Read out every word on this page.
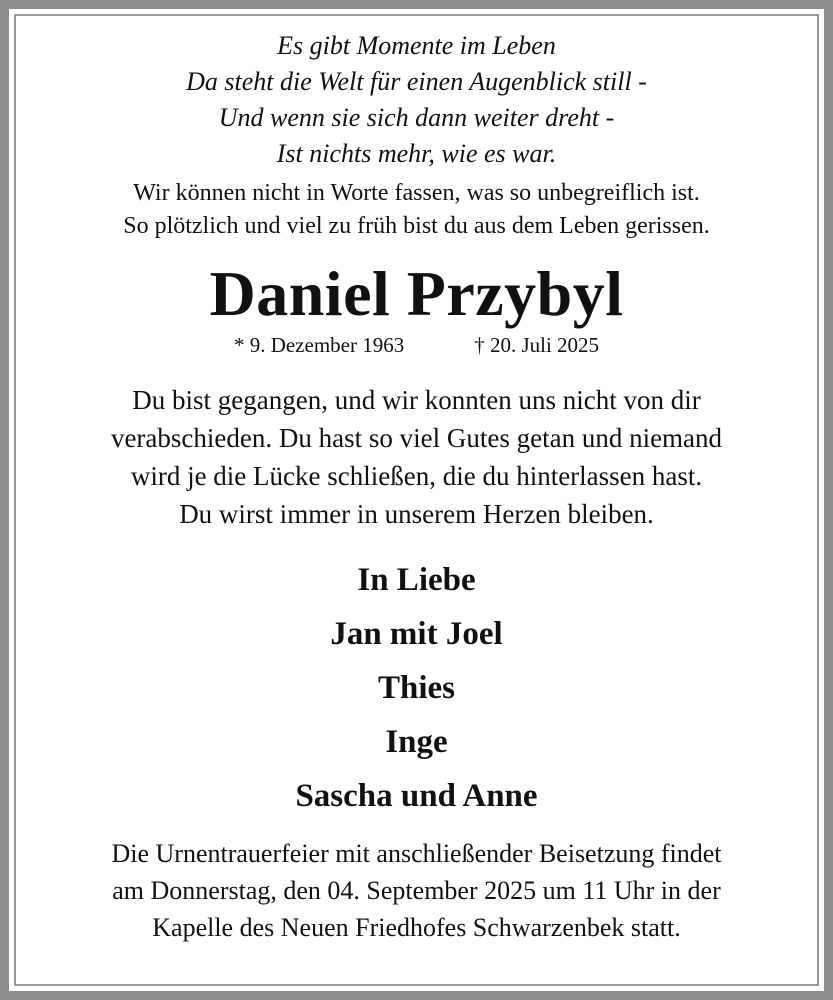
Es gibt Momente im Leben
Da steht die Welt für einen Augenblick still -
Und wenn sie sich dann weiter dreht -
Ist nichts mehr, wie es war.
Wir können nicht in Worte fassen, was so unbegreiflich ist.
So plötzlich und viel zu früh bist du aus dem Leben gerissen.
Daniel Przybyl
* 9. Dezember 1963	† 20. Juli 2025
Du bist gegangen, und wir konnten uns nicht von dir
verabschieden. Du hast so viel Gutes getan und niemand
wird je die Lücke schließen, die du hinterlassen hast.
Du wirst immer in unserem Herzen bleiben.
In Liebe
Jan mit Joel
Thies
Inge
Sascha und Anne
Die Urnentrauerfeier mit anschließender Beisetzung findet
am Donnerstag, den 04. September 2025 um 11 Uhr in der
Kapelle des Neuen Friedhofes Schwarzenbek statt.
